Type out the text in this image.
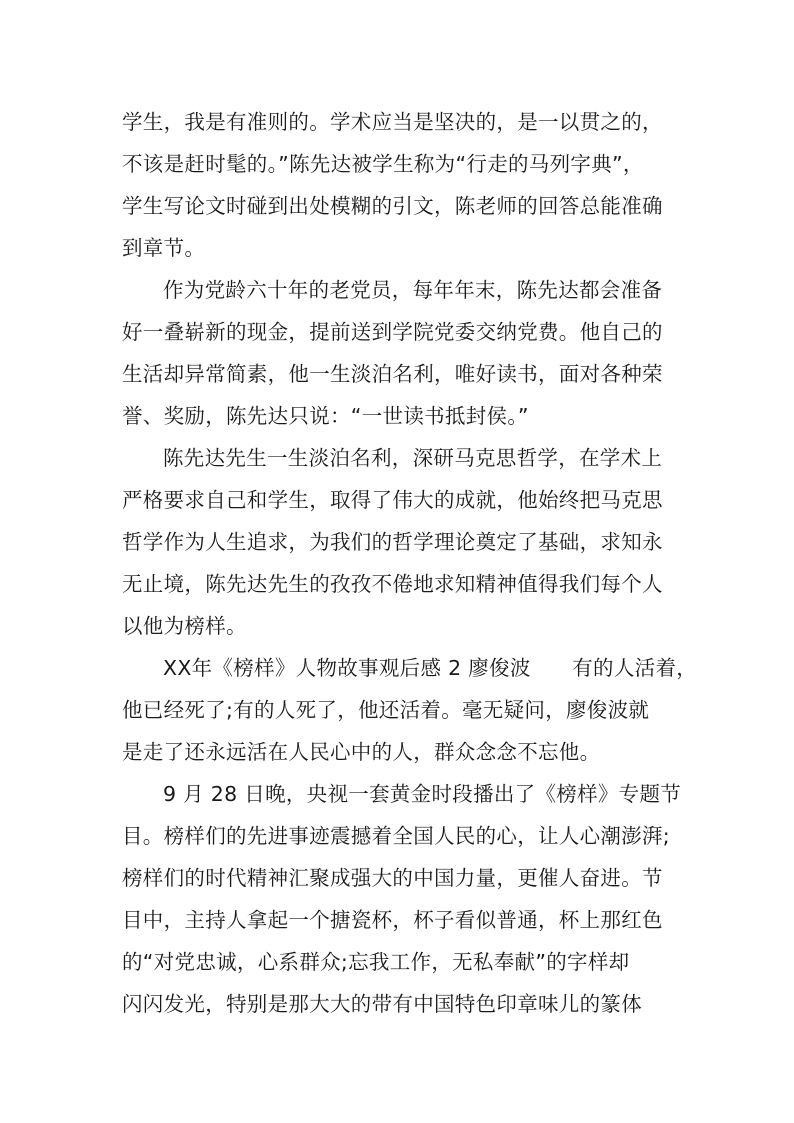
学生，我是有准则的。学术应当是坚决的，是一以贯之的，
不该是赶时髦的。”陈先达被学生称为“行走的马列字典”，
学生写论文时碰到出处模糊的引文，陈老师的回答总能准确
到章节。
作为党龄六十年的老党员，每年年末，陈先达都会准备
好一叠崭新的现金，提前送到学院党委交纳党费。他自己的
生活却异常简素，他一生淡泊名利，唯好读书，面对各种荣
誉、奖励，陈先达只说：“一世读书抵封侯。”
陈先达先生一生淡泊名利，深研马克思哲学，在学术上
严格要求自己和学生，取得了伟大的成就，他始终把马克思
哲学作为人生追求，为我们的哲学理论奠定了基础，求知永
无止境，陈先达先生的孜孜不倦地求知精神值得我们每个人
以他为榜样。
XX年《榜样》人物故事观后感 2 廖俊波　　有的人活着，
他已经死了;有的人死了，他还活着。毫无疑问，廖俊波就
是走了还永远活在人民心中的人，群众念念不忘他。
9 月 28 日晚，央视一套黄金时段播出了《榜样》专题节
目。榜样们的先进事迹震撼着全国人民的心，让人心潮澎湃;
榜样们的时代精神汇聚成强大的中国力量，更催人奋进。节
目中，主持人拿起一个搪瓷杯，杯子看似普通，杯上那红色
的“对党忠诚，心系群众;忘我工作，无私奉献”的字样却
闪闪发光，特别是那大大的带有中国特色印章味儿的篆体
